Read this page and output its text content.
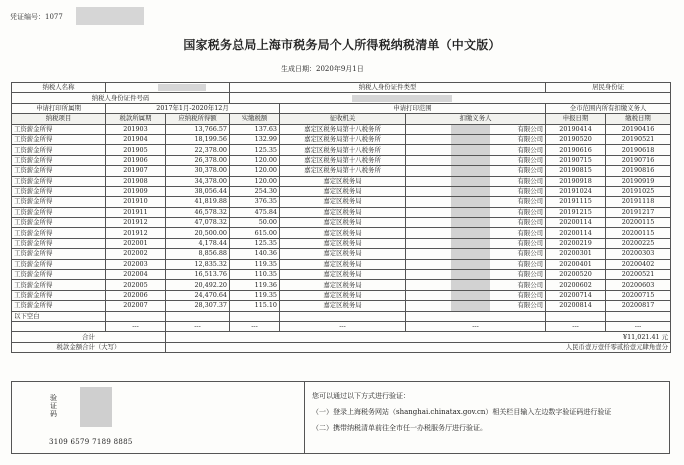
凭证编号：1077
国家税务总局上海市税务局个人所得税纳税清单（中文版）
生成日期：2020年9月1日
纳税人名称			纳税人身份证件类型			居民身份证	
纳税人身份证件号码							

申请打印所属期	2017年1月-2020年12月			申请打印范围		全市范围内所有扣缴义务人	
纳税项目	税款所属期	应纳税所得额	实缴税额	征收机关	扣缴义务人	申报日期	缴税日期
工资薪金所得	201903	13,766.57	137.63	嘉定区税务局第十八税务所	有限公司	20190414	20190416
工资薪金所得	201904	18,199.56	132.99	嘉定区税务局第十八税务所	有限公司	20190520	20190521
工资薪金所得	201905	22,378.00	125.35	嘉定区税务局第十八税务所	有限公司	20190616	20190618
工资薪金所得	201906	26,378.00	120.00	嘉定区税务局第十八税务所	有限公司	20190715	20190716
工资薪金所得	201907	30,378.00	120.00	嘉定区税务局第十八税务所	有限公司	20190815	20190816
工资薪金所得	201908	34,378.00	120.00	嘉定区税务局	有限公司	20190918	20190919
工资薪金所得	201909	38,056.44	254.30	嘉定区税务局	有限公司	20191024	20191025
工资薪金所得	201910	41,819.88	376.35	嘉定区税务局	有限公司	20191115	20191118
工资薪金所得	201911	46,578.32	475.84	嘉定区税务局	有限公司	20191215	20191217
工资薪金所得	201912	47,078.32	50.00	嘉定区税务局	有限公司	20200114	20200115
工资薪金所得	201912	20,500.00	615.00	嘉定区税务局	有限公司	20200114	20200115
工资薪金所得	202001	4,178.44	125.35	嘉定区税务局	有限公司	20200219	20200225
工资薪金所得	202002	8,856.88	140.36	嘉定区税务局	有限公司	20200301	20200303
工资薪金所得	202003	12,835.32	119.35	嘉定区税务局	有限公司	20200401	20200402
工资薪金所得	202004	16,513.76	110.35	嘉定区税务局	有限公司	20200520	20200521
工资薪金所得	202005	20,492.20	119.36	嘉定区税务局	有限公司	20200602	20200603
工资薪金所得	202006	24,470.64	119.35	嘉定区税务局	有限公司	20200714	20200715
工资薪金所得	202007	28,307.37	115.10	嘉定区税务局	有限公司	20200814	20200817
以下空白							
	---	---	---	---	---	---	---
合计		¥11,021.41 元					
税款金额合计（大写）		人民币壹万壹仟零贰拾壹元肆角壹分					
验证码
3109 6579 7189 8885
您可以通过以下方式进行验证：
（一）登录上海税务网站（shanghai.chinatax.gov.cn）相关栏目输入左边数字验证码进行验证
（二）携带纳税清单前往全市任一办税服务厅进行验证。
